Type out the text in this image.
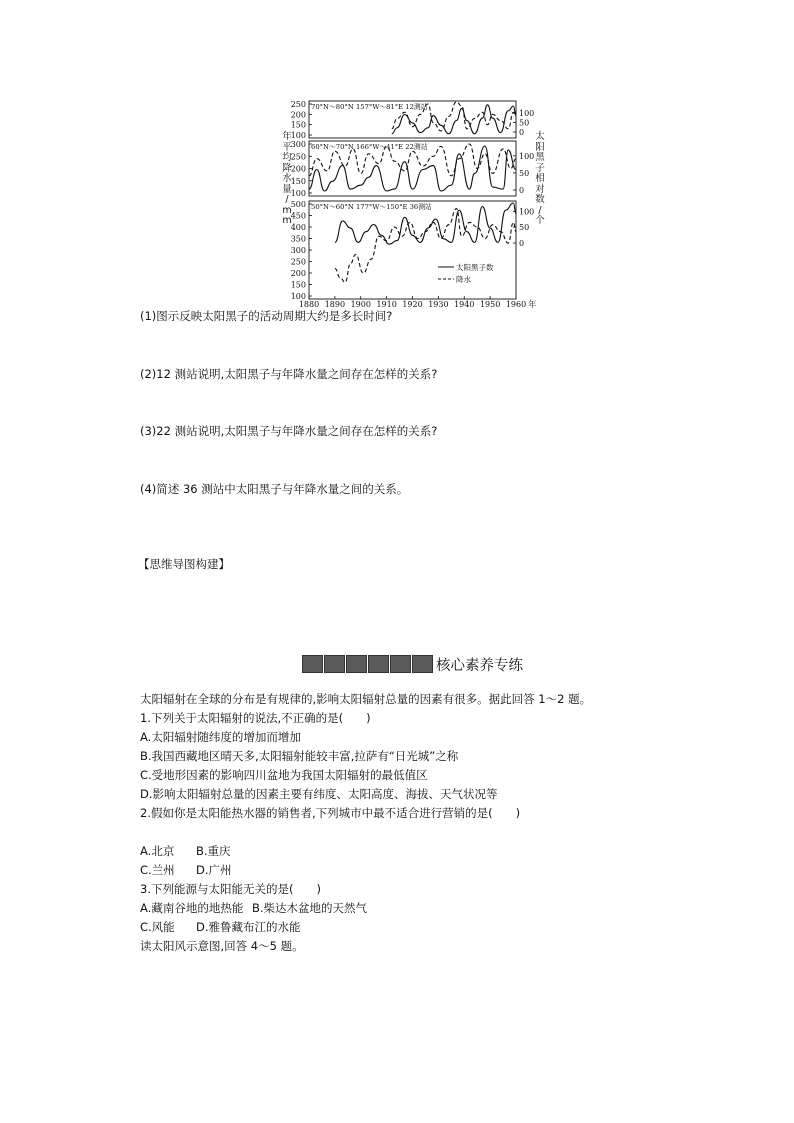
年
平
均
降
水
量
/
m
m
太
阳
黑
子
相
对
数
/
个
70°N～80°N 157°W～81°E 12测站
250
200
150
100
100
50
0
60°N～70°N 166°W～41°E 22测站
300
250
200
150
100
100
50
0
50°N～60°N 177°W～150°E 36测站
500
450
400
350
300
250
200
150
100
100
50
0
1880 1890 1900 1910 1920 1930 1940 1950 1960 年
太阳黑子数
降水
(1)图示反映太阳黑子的活动周期大约是多长时间?
(2)12 测站说明,太阳黑子与年降水量之间存在怎样的关系?
(3)22 测站说明,太阳黑子与年降水量之间存在怎样的关系?
(4)简述 36 测站中太阳黑子与年降水量之间的关系。
【思维导图构建】
核心素养专练
太阳辐射在全球的分布是有规律的,影响太阳辐射总量的因素有很多。据此回答 1～2 题。
1.下列关于太阳辐射的说法,不正确的是(　　)
A.太阳辐射随纬度的增加而增加
B.我国西藏地区晴天多,太阳辐射能较丰富,拉萨有“日光城”之称
C.受地形因素的影响四川盆地为我国太阳辐射的最低值区
D.影响太阳辐射总量的因素主要有纬度、太阳高度、海拔、天气状况等
2.假如你是太阳能热水器的销售者,下列城市中最不适合进行营销的是(　　)
A.北京 B.重庆
C.兰州 D.广州
3.下列能源与太阳能无关的是(　　)
A.藏南谷地的地热能 B.柴达木盆地的天然气
C.风能 D.雅鲁藏布江的水能
读太阳风示意图,回答 4～5 题。
